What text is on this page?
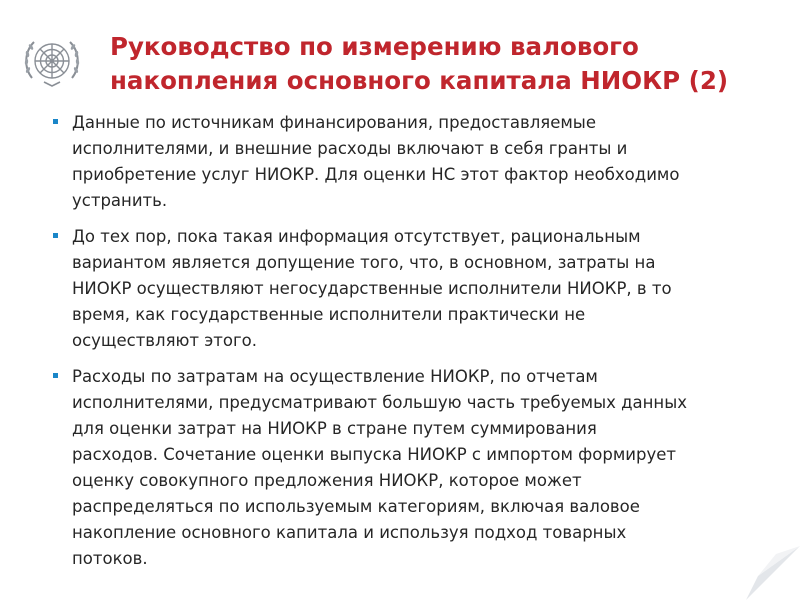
Руководство по измерению валового
накопления основного капитала НИОКР (2)
Данные по источникам финансирования, предоставляемые
исполнителями, и внешние расходы включают в себя гранты и
приобретение услуг НИОКР. Для оценки НС этот фактор необходимо
устранить.
До тех пор, пока такая информация отсутствует, рациональным
вариантом является допущение того, что, в основном, затраты на
НИОКР осуществляют негосударственные исполнители НИОКР, в то
время, как государственные исполнители практически не
осуществляют этого.
Расходы по затратам на осуществление НИОКР, по отчетам
исполнителями, предусматривают большую часть требуемых данных
для оценки затрат на НИОКР в стране путем суммирования
расходов. Сочетание оценки выпуска НИОКР с импортом формирует
оценку совокупного предложения НИОКР, которое может
распределяться по используемым категориям, включая валовое
накопление основного капитала и используя подход товарных
потоков.
